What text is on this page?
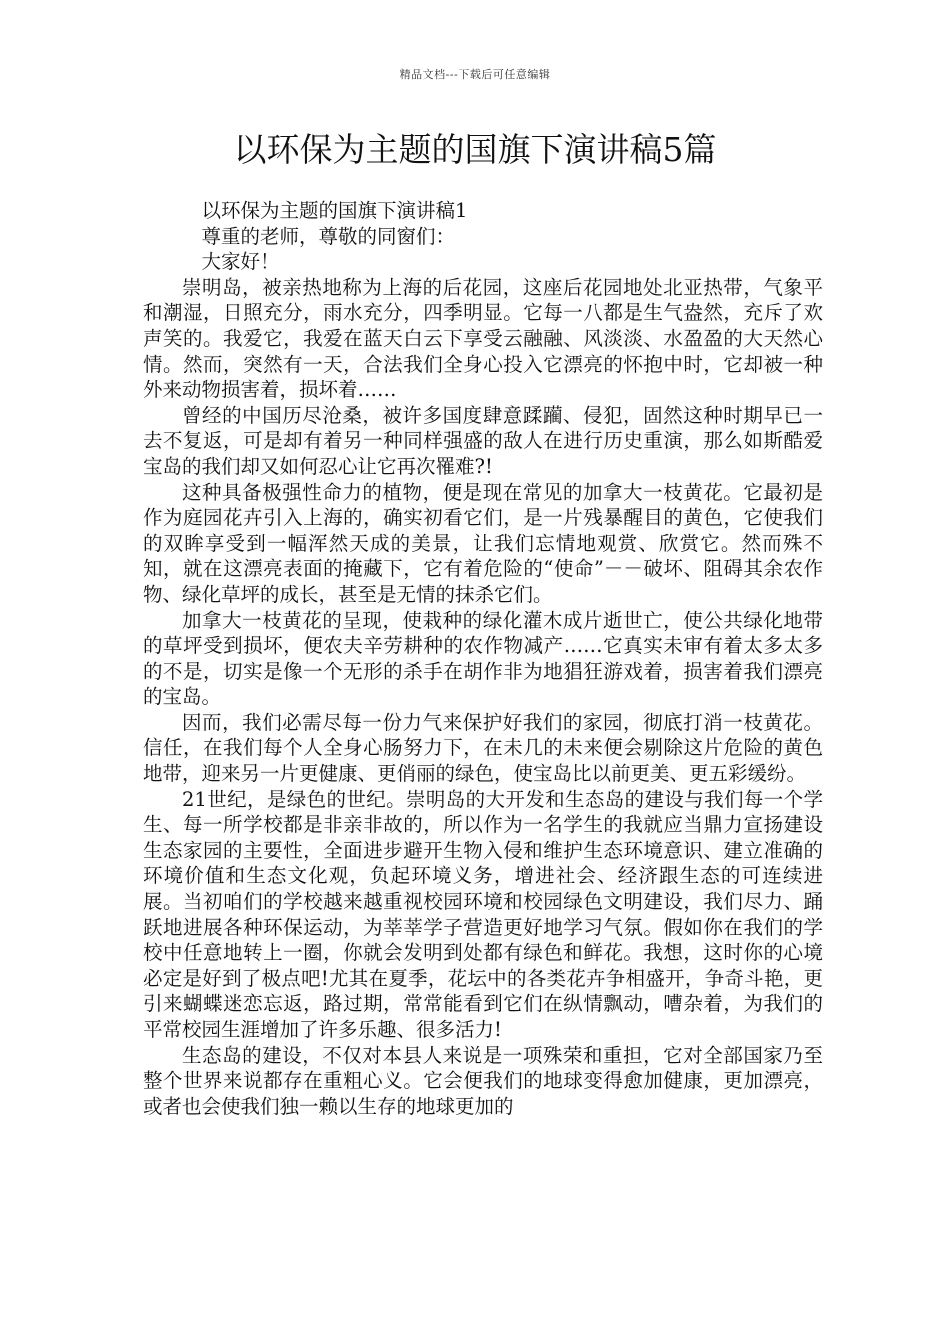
精品文档---下载后可任意编辑
以环保为主题的国旗下演讲稿5篇

以环保为主题的国旗下演讲稿1

尊重的老师，尊敬的同窗们：

大家好！

崇明岛，被亲热地称为上海的后花园，这座后花园地处北亚热带，气象平和潮湿，日照充分，雨水充分，四季明显。它每一八都是生气盎然，充斥了欢声笑的。我爱它，我爱在蓝天白云下享受云融融、风淡淡、水盈盈的大天然心情。然而，突然有一天，合法我们全身心投入它漂亮的怀抱中时，它却被一种外来动物损害着，损坏着……

曾经的中国历尽沧桑，被许多国度肆意蹂躏、侵犯，固然这种时期早已一去不复返，可是却有着另一种同样强盛的敌人在进行历史重演，那么如斯酷爱宝岛的我们却又如何忍心让它再次罹难?!

这种具备极强性命力的植物，便是现在常见的加拿大一枝黄花。它最初是作为庭园花卉引入上海的，确实初看它们，是一片残暴醒目的黄色，它使我们的双眸享受到一幅浑然天成的美景，让我们忘情地观赏、欣赏它。然而殊不知，就在这漂亮表面的掩藏下，它有着危险的“使命”－－破坏、阻碍其余农作物、绿化草坪的成长，甚至是无情的抹杀它们。

加拿大一枝黄花的呈现，使栽种的绿化灌木成片逝世亡，使公共绿化地带的草坪受到损坏，便农夫辛劳耕种的农作物减产……它真实未审有着太多太多的不是，切实是像一个无形的杀手在胡作非为地猖狂游戏着，损害着我们漂亮的宝岛。

因而，我们必需尽每一份力气来保护好我们的家园，彻底打消一枝黄花。信任，在我们每个人全身心肠努力下，在未几的未来便会剔除这片危险的黄色地带，迎来另一片更健康、更俏丽的绿色，使宝岛比以前更美、更五彩缓纷。

21世纪，是绿色的世纪。崇明岛的大开发和生态岛的建设与我们每一个学生、每一所学校都是非亲非故的，所以作为一名学生的我就应当鼎力宣扬建设生态家园的主要性，全面进步避开生物入侵和维护生态环境意识、建立准确的环境价值和生态文化观，负起环境义务，增进社会、经济跟生态的可连续进展。当初咱们的学校越来越重视校园环境和校园绿色文明建设，我们尽力、踊跃地进展各种环保运动，为莘莘学子营造更好地学习气氛。假如你在我们的学校中任意地转上一圈，你就会发明到处都有绿色和鲜花。我想，这时你的心境必定是好到了极点吧!尤其在夏季，花坛中的各类花卉争相盛开，争奇斗艳，更引来蝴蝶迷恋忘返，路过期，常常能看到它们在纵情飘动，嘈杂着，为我们的平常校园生涯增加了许多乐趣、很多活力!

生态岛的建设，不仅对本县人来说是一项殊荣和重担，它对全部国家乃至整个世界来说都存在重粗心义。它会便我们的地球变得愈加健康，更加漂亮，或者也会使我们独一赖以生存的地球更加的
